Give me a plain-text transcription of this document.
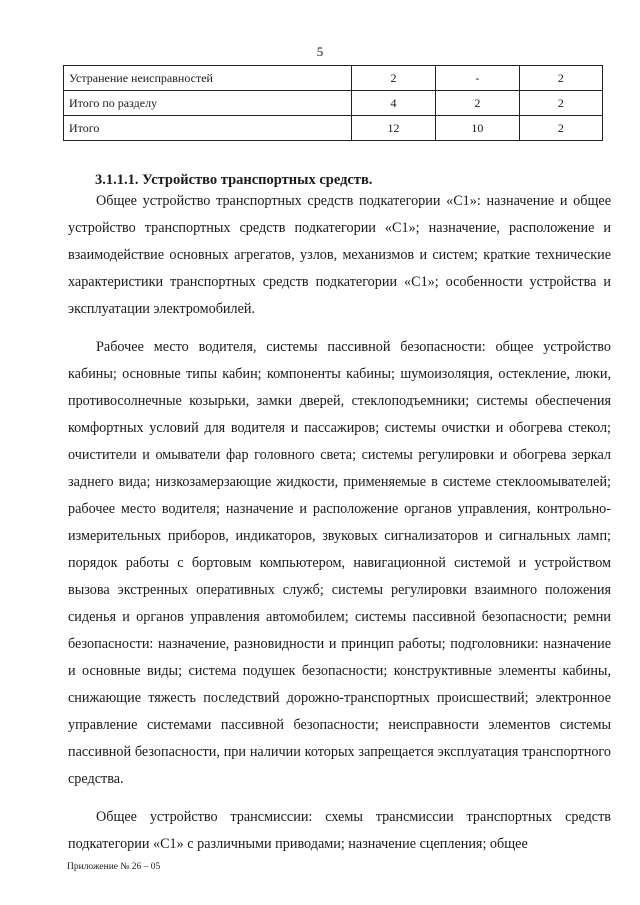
5
Устранение неисправностей	2	-	2
Итого по разделу	4	2	2
Итого	12	10	2
3.1.1.1. Устройство транспортных средств.

Общее устройство транспортных средств подкатегории «С1»: назначение и общее устройство транспортных средств подкатегории «С1»; назначение, расположение и взаимодействие основных агрегатов, узлов, механизмов и систем; краткие технические характеристики транспортных средств подкатегории «С1»; особенности устройства и эксплуатации электромобилей.

Рабочее место водителя, системы пассивной безопасности: общее устройство кабины; основные типы кабин; компоненты кабины; шумоизоляция, остекление, люки, противосолнечные козырьки, замки дверей, стеклоподъемники; системы обеспечения комфортных условий для водителя и пассажиров; системы очистки и обогрева стекол; очистители и омыватели фар головного света; системы регулировки и обогрева зеркал заднего вида; низкозамерзающие жидкости, применяемые в системе стеклоомывателей; рабочее место водителя; назначение и расположение органов управления, контрольно-измерительных приборов, индикаторов, звуковых сигнализаторов и сигнальных ламп; порядок работы с бортовым компьютером, навигационной системой и устройством вызова экстренных оперативных служб; системы регулировки взаимного положения сиденья и органов управления автомобилем; системы пассивной безопасности; ремни безопасности: назначение, разновидности и принцип работы; подголовники: назначение и основные виды; система подушек безопасности; конструктивные элементы кабины, снижающие тяжесть последствий дорожно-транспортных происшествий; электронное управление системами пассивной безопасности; неисправности элементов системы пассивной безопасности, при наличии которых запрещается эксплуатация транспортного средства.

Общее устройство трансмиссии: схемы трансмиссии транспортных средств подкатегории «С1» с различными приводами; назначение сцепления; общее

Приложение № 26 – 05
